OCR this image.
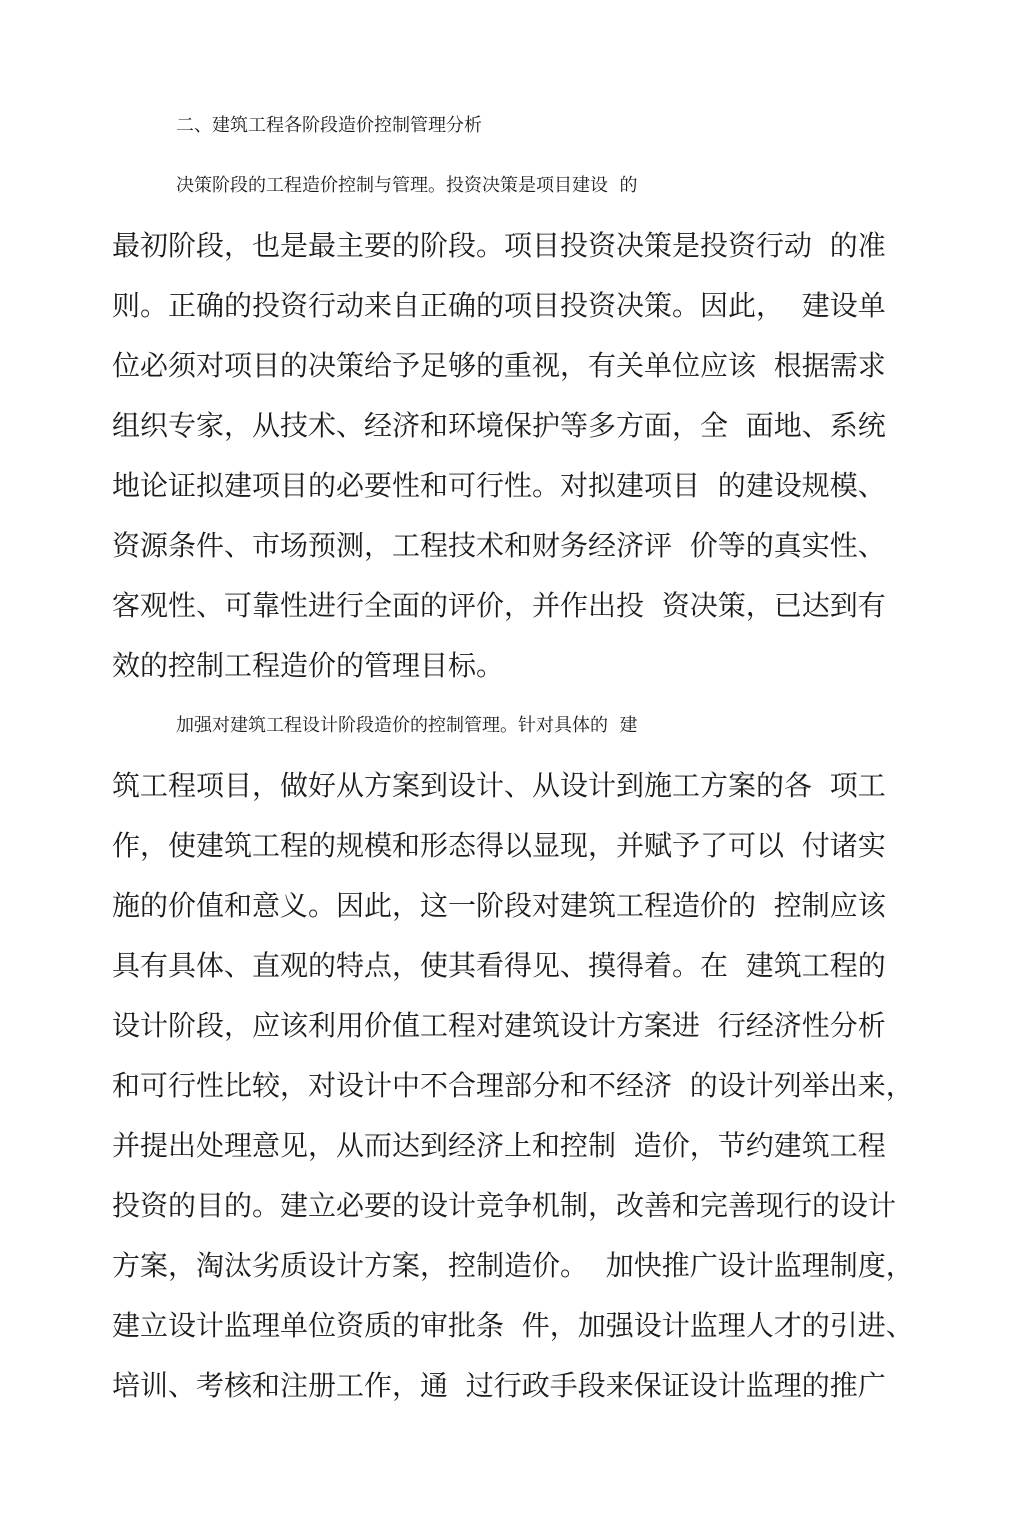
二、建筑工程各阶段造价控制管理分析
决策阶段的工程造价控制与管理。投资决策是项目建设  的
最初阶段，也是最主要的阶段。项目投资决策是投资行动  的准
则。正确的投资行动来自正确的项目投资决策。因此，  建设单
位必须对项目的决策给予足够的重视，有关单位应该  根据需求
组织专家，从技术、经济和环境保护等多方面，全  面地、系统
地论证拟建项目的必要性和可行性。对拟建项目  的建设规模、
资源条件、市场预测，工程技术和财务经济评  价等的真实性、
客观性、可靠性进行全面的评价，并作出投  资决策，已达到有
效的控制工程造价的管理目标。
加强对建筑工程设计阶段造价的控制管理。针对具体的  建
筑工程项目，做好从方案到设计、从设计到施工方案的各  项工
作，使建筑工程的规模和形态得以显现，并赋予了可以  付诸实
施的价值和意义。因此，这一阶段对建筑工程造价的  控制应该
具有具体、直观的特点，使其看得见、摸得着。在  建筑工程的
设计阶段，应该利用价值工程对建筑设计方案进  行经济性分析
和可行性比较，对设计中不合理部分和不经济  的设计列举出来，
并提出处理意见，从而达到经济上和控制  造价，节约建筑工程
投资的目的。建立必要的设计竞争机制，改善和完善现行的设计
方案，淘汰劣质设计方案，控制造价。  加快推广设计监理制度，
建立设计监理单位资质的审批条  件，加强设计监理人才的引进、
培训、考核和注册工作，通  过行政手段来保证设计监理的推广
